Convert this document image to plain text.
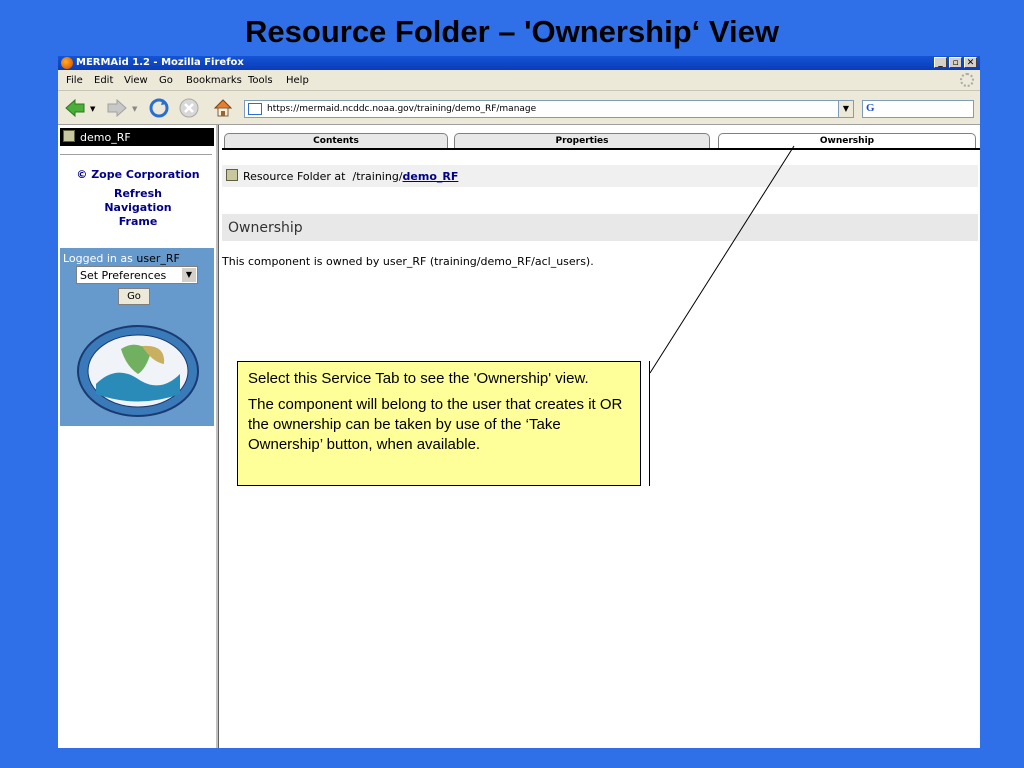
Resource Folder – 'Ownership‘ View
MERMAid 1.2 - Mozilla Firefox	_	▫ ✕
File Edit View Go Bookmarks Tools Help
▼	▼	https://mermaid.ncddc.noaa.gov/training/demo_RF/manage	▼	G
demo_RF
© Zope Corporation
Refresh
Navigation
Frame
Logged in as user_RF
Set Preferences	▼
Go
Contents	Properties	Ownership
Resource Folder at /training/demo_RF
Ownership
This component is owned by user_RF (training/demo_RF/acl_users).

Select this Service Tab to see the 'Ownership' view.

The component will belong to the user that creates it OR the ownership can be taken by use of the ‘Take Ownership’ button, when available.
